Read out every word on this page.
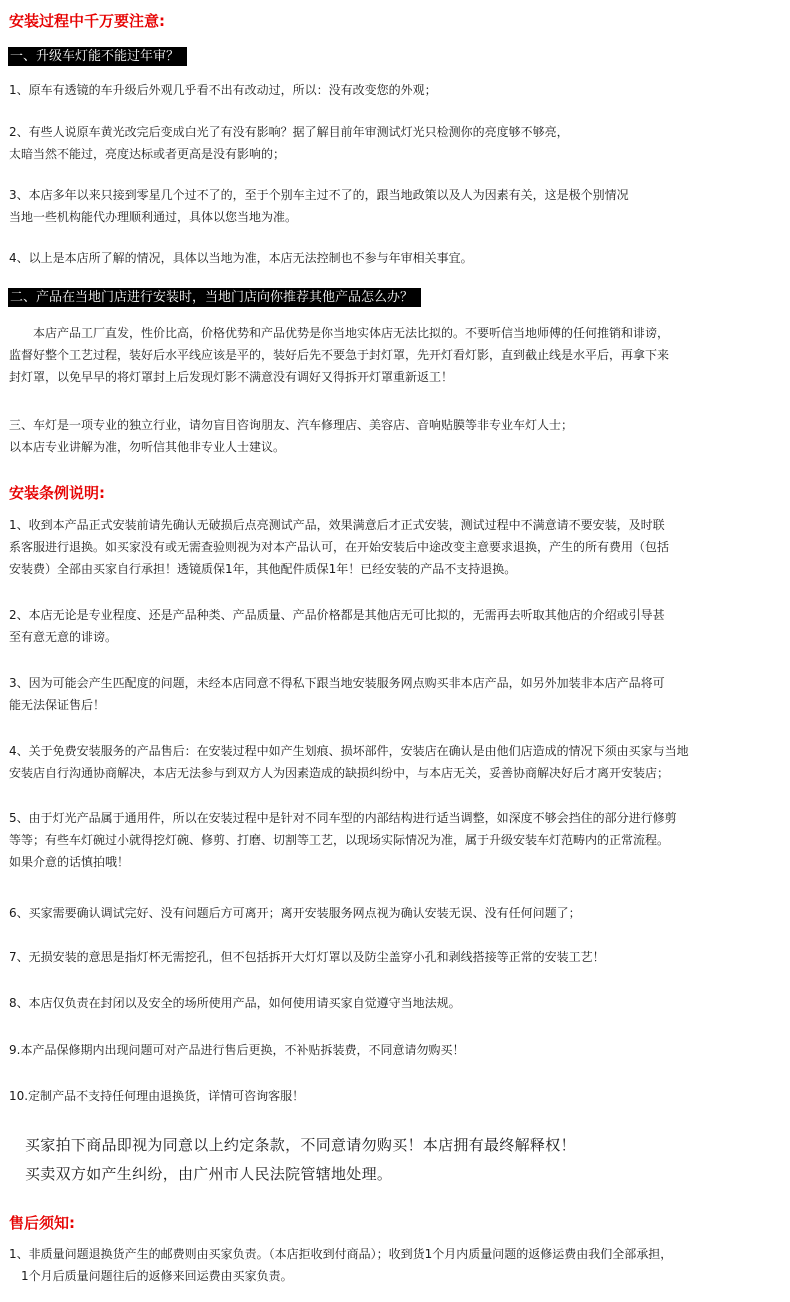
安装过程中千万要注意:
一、升级车灯能不能过年审？
1、原车有透镜的车升级后外观几乎看不出有改动过，所以：没有改变您的外观；
2、有些人说原车黄光改完后变成白光了有没有影响？据了解目前年审测试灯光只检测你的亮度够不够亮，
太暗当然不能过，亮度达标或者更高是没有影响的；
3、本店多年以来只接到零星几个过不了的，至于个别车主过不了的，跟当地政策以及人为因素有关，这是极个别情况
当地一些机构能代办理顺利通过，具体以您当地为准。
4、以上是本店所了解的情况，具体以当地为准，本店无法控制也不参与年审相关事宜。
二、产品在当地门店进行安装时，当地门店向你推荐其他产品怎么办？
　　本店产品工厂直发，性价比高，价格优势和产品优势是你当地实体店无法比拟的。不要听信当地师傅的任何推销和诽谤，
监督好整个工艺过程，装好后水平线应该是平的，装好后先不要急于封灯罩，先开灯看灯影，直到截止线是水平后，再拿下来
封灯罩，以免早早的将灯罩封上后发现灯影不满意没有调好又得拆开灯罩重新返工！
三、车灯是一项专业的独立行业，请勿盲目咨询朋友、汽车修理店、美容店、音响贴膜等非专业车灯人士；
以本店专业讲解为准，勿听信其他非专业人士建议。
安装条例说明:
1、收到本产品正式安装前请先确认无破损后点亮测试产品，效果满意后才正式安装，测试过程中不满意请不要安装，及时联
系客服进行退换。如买家没有或无需查验则视为对本产品认可，在开始安装后中途改变主意要求退换，产生的所有费用（包括
安装费）全部由买家自行承担！透镜质保1年，其他配件质保1年！已经安装的产品不支持退换。
2、本店无论是专业程度、还是产品种类、产品质量、产品价格都是其他店无可比拟的，无需再去听取其他店的介绍或引导甚
至有意无意的诽谤。
3、因为可能会产生匹配度的问题，未经本店同意不得私下跟当地安装服务网点购买非本店产品，如另外加装非本店产品将可
能无法保证售后！
4、关于免费安装服务的产品售后：在安装过程中如产生划痕、损坏部件，安装店在确认是由他们店造成的情况下须由买家与当地
安装店自行沟通协商解决，本店无法参与到双方人为因素造成的缺损纠纷中，与本店无关，妥善协商解决好后才离开安装店；
5、由于灯光产品属于通用件，所以在安装过程中是针对不同车型的内部结构进行适当调整，如深度不够会挡住的部分进行修剪
等等；有些车灯碗过小就得挖灯碗、修剪、打磨、切割等工艺，以现场实际情况为准，属于升级安装车灯范畴内的正常流程。
如果介意的话慎拍哦！
6、买家需要确认调试完好、没有问题后方可离开；离开安装服务网点视为确认安装无误、没有任何问题了；
7、无损安装的意思是指灯杯无需挖孔，但不包括拆开大灯灯罩以及防尘盖穿小孔和剥线搭接等正常的安装工艺！
8、本店仅负责在封闭以及安全的场所使用产品，如何使用请买家自觉遵守当地法规。
9.本产品保修期内出现问题可对产品进行售后更换，不补贴拆装费，不同意请勿购买！
10.定制产品不支持任何理由退换货，详情可咨询客服！
买家拍下商品即视为同意以上约定条款，不同意请勿购买！本店拥有最终解释权！
买卖双方如产生纠纷，由广州市人民法院管辖地处理。
售后须知:
1、非质量问题退换货产生的邮费则由买家负责。（本店拒收到付商品）；收到货1个月内质量问题的返修运费由我们全部承担，
　1个月后质量问题往后的返修来回运费由买家负责。
